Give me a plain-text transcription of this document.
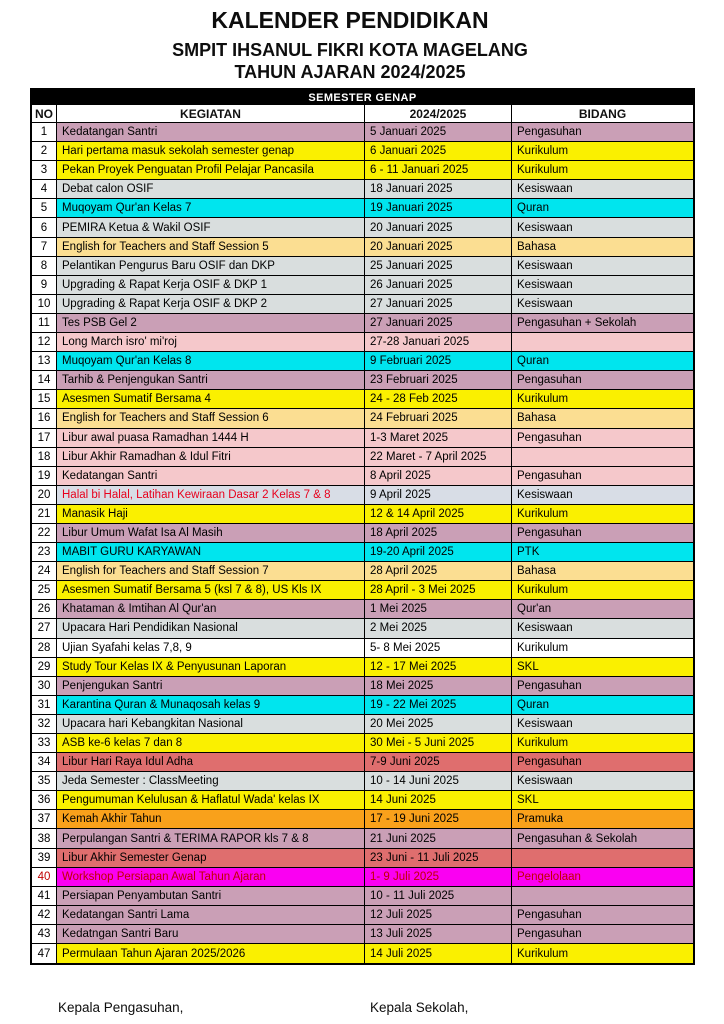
KALENDER PENDIDIKAN
SMPIT IHSANUL FIKRI KOTA MAGELANG
TAHUN AJARAN 2024/2025
SEMESTER GENAP
NO	KEGIATAN	2024/2025	BIDANG
1	Kedatangan Santri	5 Januari 2025	Pengasuhan
2	Hari pertama masuk sekolah semester genap	6 Januari 2025	Kurikulum
3	Pekan Proyek Penguatan Profil Pelajar Pancasila	6 - 11 Januari 2025	Kurikulum
4	Debat calon OSIF	18 Januari 2025	Kesiswaan
5	Muqoyam Qur'an Kelas 7	19 Januari 2025	Quran
6	PEMIRA Ketua & Wakil OSIF	20 Januari 2025	Kesiswaan
7	English for Teachers and Staff Session 5	20 Januari 2025	Bahasa
8	Pelantikan Pengurus Baru OSIF dan DKP	25 Januari 2025	Kesiswaan
9	Upgrading & Rapat Kerja OSIF & DKP 1	26 Januari 2025	Kesiswaan
10	Upgrading & Rapat Kerja OSIF & DKP 2	27 Januari 2025	Kesiswaan
11	Tes PSB Gel 2	27 Januari 2025	Pengasuhan + Sekolah
12	Long March isro' mi'roj	27-28 Januari 2025
13	Muqoyam Qur'an Kelas 8	9 Februari 2025	Quran
14	Tarhib & Penjengukan Santri	23 Februari 2025	Pengasuhan
15	Asesmen Sumatif Bersama 4	24 - 28 Feb 2025	Kurikulum
16	English for Teachers and Staff Session 6	24 Februari 2025	Bahasa
17	Libur awal puasa Ramadhan 1444 H	1-3 Maret 2025	Pengasuhan
18	Libur Akhir Ramadhan & Idul Fitri	22 Maret - 7 April 2025
19	Kedatangan Santri	8 April 2025	Pengasuhan
20	Halal bi Halal, Latihan Kewiraan Dasar 2 Kelas 7 & 8	9 April 2025	Kesiswaan
21	Manasik Haji	12 & 14 April 2025	Kurikulum
22	Libur Umum Wafat Isa Al Masih	18 April 2025	Pengasuhan
23	MABIT GURU KARYAWAN	19-20 April 2025	PTK
24	English for Teachers and Staff Session 7	28 April 2025	Bahasa
25	Asesmen Sumatif Bersama 5 (ksl 7 & 8), US Kls IX	28 April - 3 Mei 2025	Kurikulum
26	Khataman & Imtihan Al Qur'an	1 Mei 2025	Qur'an
27	Upacara Hari Pendidikan Nasional	2 Mei 2025	Kesiswaan
28	Ujian Syafahi kelas 7,8, 9	5- 8 Mei 2025	Kurikulum
29	Study Tour Kelas IX & Penyusunan Laporan	12 - 17 Mei 2025	SKL
30	Penjengukan Santri	18 Mei 2025	Pengasuhan
31	Karantina Quran & Munaqosah kelas 9	19 - 22 Mei 2025	Quran
32	Upacara hari Kebangkitan Nasional	20 Mei 2025	Kesiswaan
33	ASB ke-6 kelas 7 dan 8	30 Mei - 5 Juni 2025	Kurikulum
34	Libur Hari Raya Idul Adha	7-9 Juni 2025	Pengasuhan
35	Jeda Semester : ClassMeeting	10 - 14 Juni 2025	Kesiswaan
36	Pengumuman Kelulusan & Haflatul Wada' kelas IX	14 Juni 2025	SKL
37	Kemah Akhir Tahun	17 - 19 Juni 2025	Pramuka
38	Perpulangan Santri & TERIMA RAPOR kls 7 & 8	21 Juni 2025	Pengasuhan & Sekolah
39	Libur Akhir Semester Genap	23 Juni - 11 Juli 2025
40	Workshop Persiapan Awal Tahun Ajaran	1- 9 Juli 2025	Pengelolaan
41	Persiapan Penyambutan Santri	10 - 11 Juli 2025
42	Kedatangan Santri Lama	12 Juli 2025	Pengasuhan
43	Kedatngan Santri Baru	13 Juli 2025	Pengasuhan
47	Permulaan Tahun Ajaran 2025/2026	14 Juli 2025	Kurikulum
Kepala Pengasuhan,	Kepala Sekolah,
